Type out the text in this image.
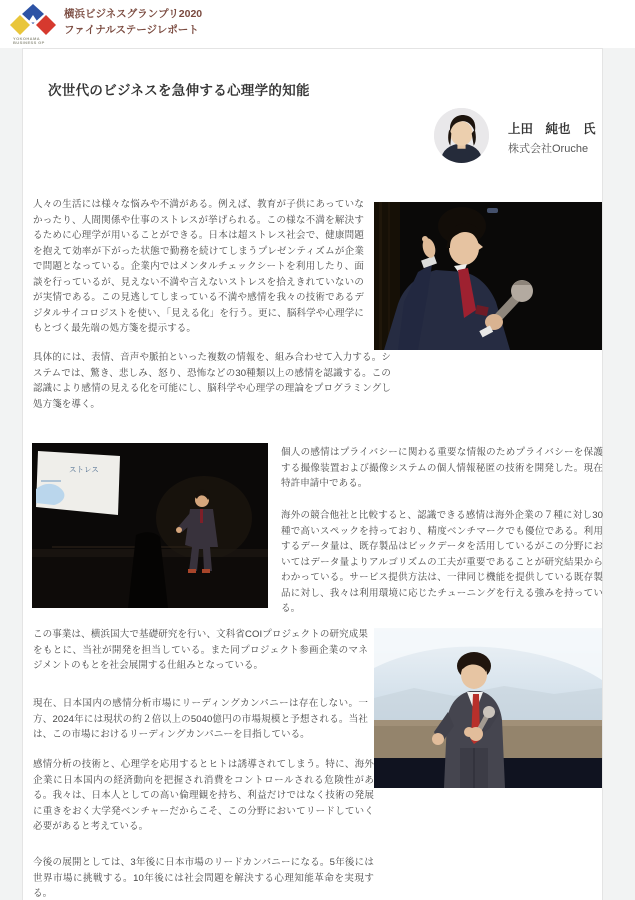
YOKOHAMA
BUSINESS GP
横浜ビジネスグランプリ2020
ファイナルステージレポート
次世代のビジネスを急伸する心理学的知能
上田　純也　氏
株式会社Oruche

人々の生活には様々な悩みや不満がある。例えば、教育が子供にあっていなかったり、人間関係や仕事のストレスが挙げられる。この様な不満を解決するために心理学が用いることができる。日本は超ストレス社会で、健康問題を抱えて効率が下がった状態で勤務を続けてしまうプレゼンティズムが企業で問題となっている。企業内ではメンタルチェックシートを利用したり、面談を行っているが、見えない不満や言えないストレスを拾えきれていないのが実情である。この見逃してしまっている不満や感情を我々の技術であるデジタルサイコロジストを使い、「見える化」を行う。更に、脳科学や心理学にもとづく最先端の処方箋を提示する。

具体的には、表情、音声や脈拍といった複数の情報を、組み合わせて入力する。システムでは、驚き、悲しみ、怒り、恐怖などの30種類以上の感情を認識する。この認識により感情の見える化を可能にし、脳科学や心理学の理論をプログラミングし処方箋を導く。

個人の感情はプライバシーに関わる重要な情報のためプライバシーを保護する撮像装置および撮像システムの個人情報秘匿の技術を開発した。現在特許申請中である。

海外の競合他社と比較すると、認識できる感情は海外企業の７種に対し30種で高いスペックを持っており、精度ベンチマークでも優位である。利用するデータ量は、既存製品はビックデータを活用しているがこの分野においてはデータ量よりアルゴリズムの工夫が重要であることが研究結果からわかっている。サービス提供方法は、一律同じ機能を提供している既存製品に対し、我々は利用環境に応じたチューニングを行える強みを持っている。

この事業は、横浜国大で基礎研究を行い、文科省COIプロジェクトの研究成果をもとに、当社が開発を担当している。また同プロジェクト参画企業のマネジメントのもとを社会展開する仕組みとなっている。

現在、日本国内の感情分析市場にリーディングカンパニーは存在しない。一方、2024年には現状の約２倍以上の5040億円の市場規模と予想される。当社は、この市場におけるリーディングカンパニーを目指している。

感情分析の技術と、心理学を応用するとヒトは誘導されてしまう。特に、海外企業に日本国内の経済動向を把握され消費をコントロールされる危険性がある。我々は、日本人としての高い倫理観を持ち、利益だけではなく技術の発展に重きをおく大学発ベンチャーだからこそ、この分野においてリードしていく必要があると考えている。

今後の展開としては、3年後に日本市場のリードカンパニーになる。5年後には世界市場に挑戦する。10年後には社会問題を解決する心理知能革命を実現する。

ストレス
